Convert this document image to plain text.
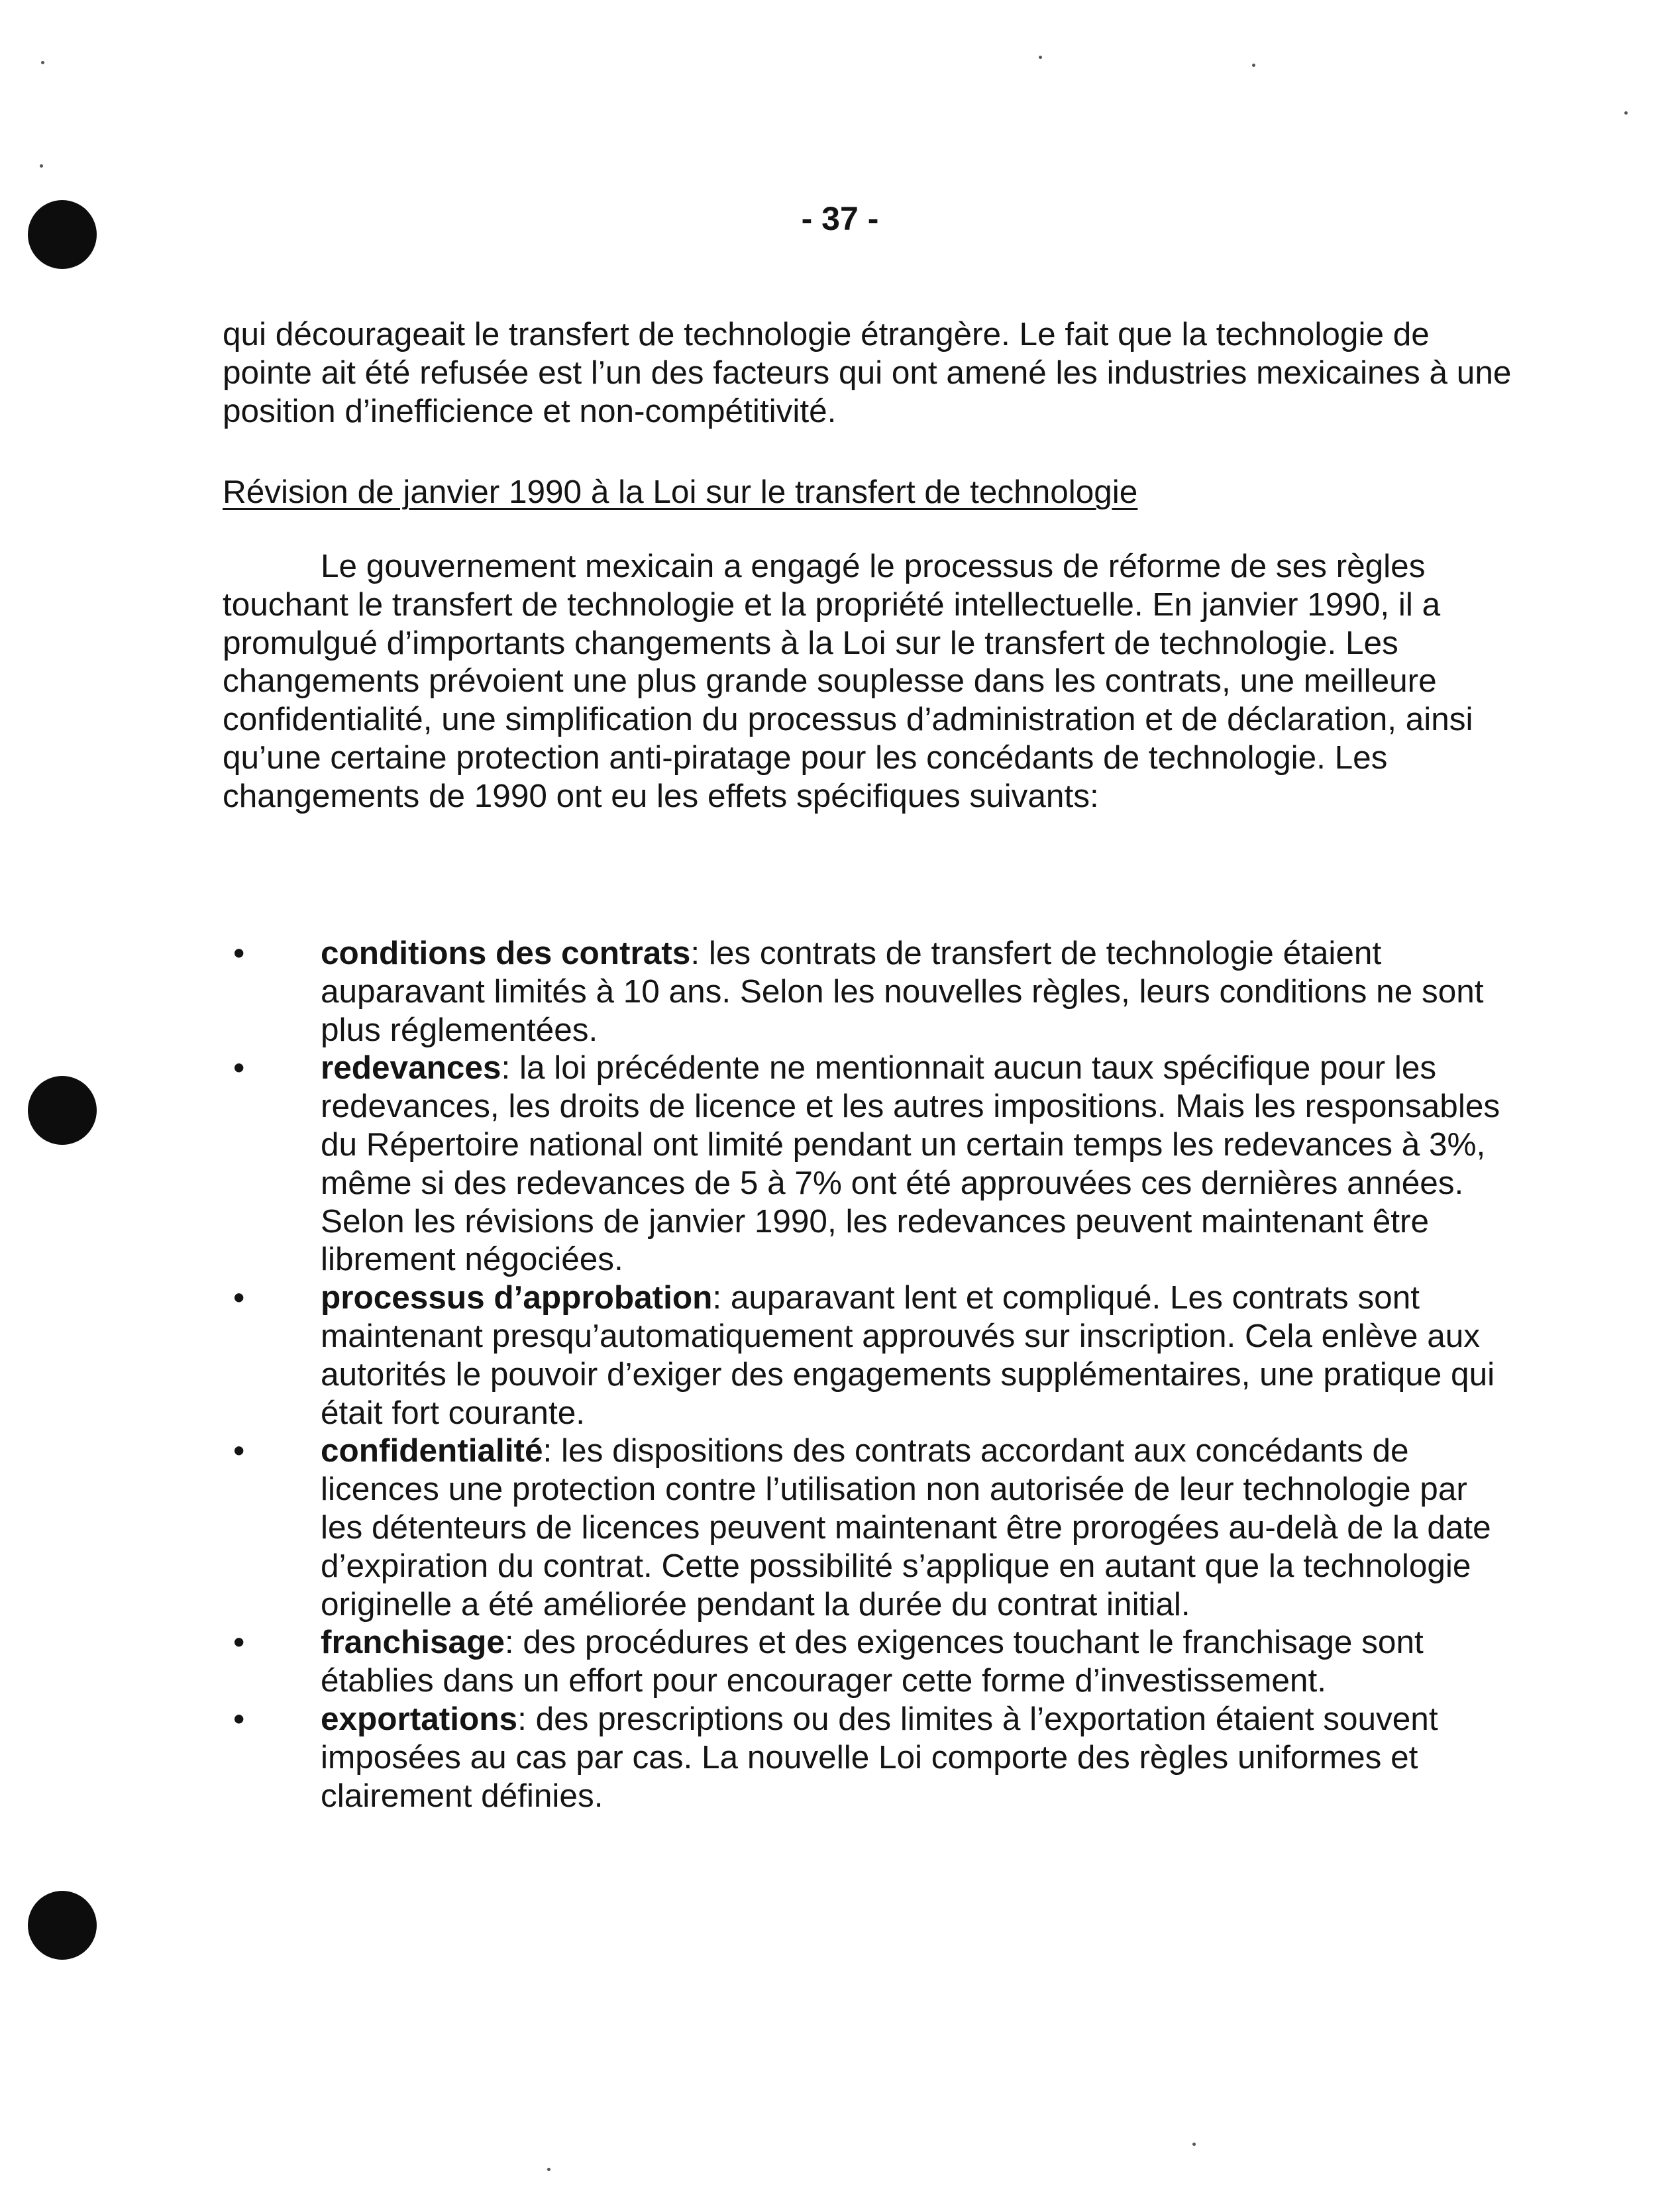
- 37 -

qui décourageait le transfert de technologie étrangère. Le fait que la technologie de pointe ait été refusée est l’un des facteurs qui ont amené les industries mexicaines à une position d’inefficience et non-compétitivité.

Révision de janvier 1990 à la Loi sur le transfert de technologie

Le gouvernement mexicain a engagé le processus de réforme de ses règles touchant le transfert de technologie et la propriété intellectuelle. En janvier 1990, il a promulgué d’importants changements à la Loi sur le transfert de technologie. Les changements prévoient une plus grande souplesse dans les contrats, une meilleure confidentialité, une simplification du processus d’administration et de déclaration, ainsi qu’une certaine protection anti-piratage pour les concédants de technologie. Les changements de 1990 ont eu les effets spécifiques suivants:

• conditions des contrats: les contrats de transfert de technologie étaient auparavant limités à 10 ans. Selon les nouvelles règles, leurs conditions ne sont plus réglementées.
• redevances: la loi précédente ne mentionnait aucun taux spécifique pour les redevances, les droits de licence et les autres impositions. Mais les responsables du Répertoire national ont limité pendant un certain temps les redevances à 3%, même si des redevances de 5 à 7% ont été approuvées ces dernières années. Selon les révisions de janvier 1990, les redevances peuvent maintenant être librement négociées.
• processus d’approbation: auparavant lent et compliqué. Les contrats sont maintenant presqu’automatiquement approuvés sur inscription. Cela enlève aux autorités le pouvoir d’exiger des engagements supplémentaires, une pratique qui était fort courante.
• confidentialité: les dispositions des contrats accordant aux concédants de licences une protection contre l’utilisation non autorisée de leur technologie par les détenteurs de licences peuvent maintenant être prorogées au-delà de la date d’expiration du contrat. Cette possibilité s’applique en autant que la technologie originelle a été améliorée pendant la durée du contrat initial.
• franchisage: des procédures et des exigences touchant le franchisage sont établies dans un effort pour encourager cette forme d’investissement.
• exportations: des prescriptions ou des limites à l’exportation étaient souvent imposées au cas par cas. La nouvelle Loi comporte des règles uniformes et clairement définies.
